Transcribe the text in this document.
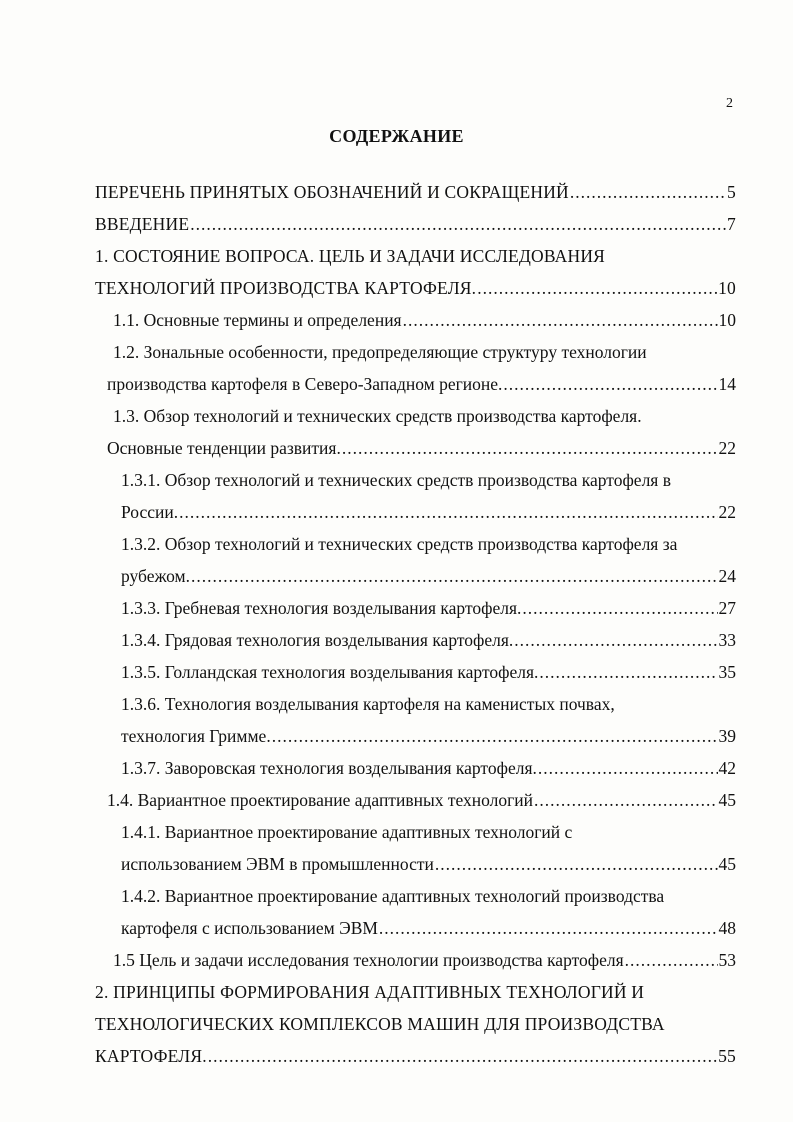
2
СОДЕРЖАНИЕ
ПЕРЕЧЕНЬ ПРИНЯТЫХ ОБОЗНАЧЕНИЙ И СОКРАЩЕНИЙ .....	5
ВВЕДЕНИЕ .....	7
1. СОСТОЯНИЕ ВОПРОСА. ЦЕЛЬ И ЗАДАЧИ ИССЛЕДОВАНИЯ
ТЕХНОЛОГИЙ ПРОИЗВОДСТВА КАРТОФЕЛЯ. .....	10
1.1. Основные термины и определения .....	10
1.2. Зональные особенности, предопределяющие структуру технологии
производства картофеля в Северо-Западном регионе. .....	14
1.3. Обзор технологий и технических средств производства картофеля.
Основные тенденции развития. .....	22
1.3.1. Обзор технологий и технических средств производства картофеля в
России. .....	22
1.3.2. Обзор технологий и технических средств производства картофеля за
рубежом. .....	24
1.3.3. Гребневая технология возделывания картофеля. .....	27
1.3.4. Грядовая технология возделывания картофеля. .....	33
1.3.5. Голландская технология возделывания картофеля. .....	35
1.3.6. Технология возделывания картофеля на каменистых почвах,
технология Гримме. .....	39
1.3.7. Заворовская технология возделывания картофеля. .....	42
1.4. Вариантное проектирование адаптивных технологий .....	45
1.4.1. Вариантное проектирование адаптивных технологий с
использованием ЭВМ в промышленности .....	45
1.4.2. Вариантное проектирование адаптивных технологий производства
картофеля с использованием ЭВМ .....	48
1.5 Цель и задачи исследования технологии производства картофеля .....	53
2. ПРИНЦИПЫ ФОРМИРОВАНИЯ АДАПТИВНЫХ ТЕХНОЛОГИЙ И
ТЕХНОЛОГИЧЕСКИХ КОМПЛЕКСОВ МАШИН ДЛЯ ПРОИЗВОДСТВА
КАРТОФЕЛЯ. .....	55
